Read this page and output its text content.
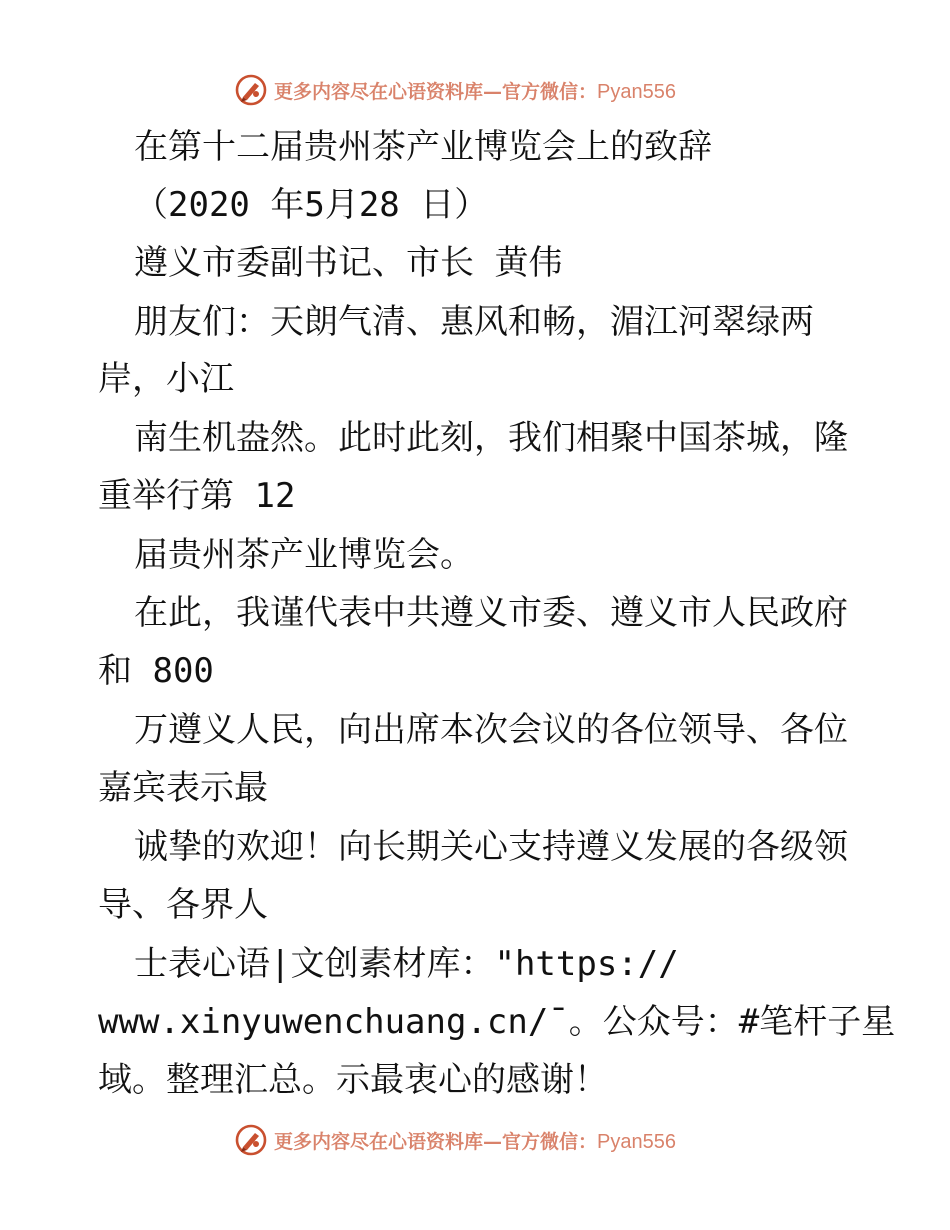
更多内容尽在心语资料库—官方微信：Pyan556
在第十二届贵州茶产业博览会上的致辞
（2020 年5月28 日）
遵义市委副书记、市长 黄伟
朋友们：天朗气清、惠风和畅，湄江河翠绿两
岸，小江
南生机盎然。此时此刻，我们相聚中国茶城，隆
重举行第 12
届贵州茶产业博览会。
在此，我谨代表中共遵义市委、遵义市人民政府
和 800
万遵义人民，向出席本次会议的各位领导、各位
嘉宾表示最
诚挚的欢迎！向长期关心支持遵义发展的各级领
导、各界人
士表心语|文创素材库："https://
www.xinyuwenchuang.cn/¯。公众号：#笔杆子星
域。整理汇总。示最衷心的感谢！
更多内容尽在心语资料库—官方微信：Pyan556
